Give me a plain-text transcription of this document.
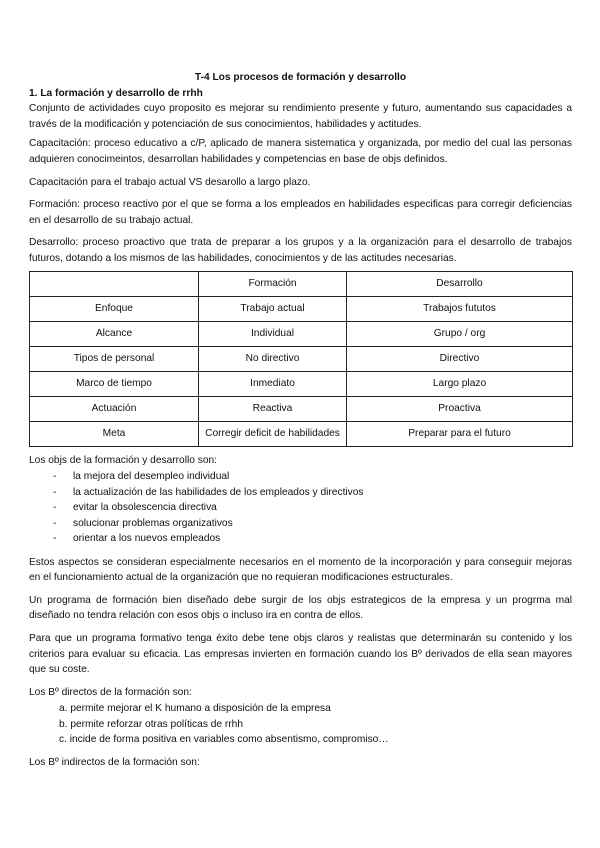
T-4 Los procesos de formación y desarrollo
1. La formación y desarrollo de rrhh

Conjunto de actividades cuyo proposito es mejorar su rendimiento presente y futuro, aumentando sus capacidades a través de la modificación y potenciación de sus conocimientos, habilidades y actitudes.

Capacitación: proceso educativo a c/P, aplicado de manera sistematica y organizada, por medio del cual las personas adquieren conocimeintos, desarrollan habilidades y competencias en base de objs definidos.

Capacitación para el trabajo actual VS desarollo a largo plazo.

Formación: proceso reactivo por el que se forma a los empleados en habilidades especificas para corregir deficiencias en el desarrollo de su trabajo actual.

Desarrollo: proceso proactivo que trata de preparar a los grupos y a la organización para el desarrollo de trabajos futuros, dotando a los mismos de las habilidades, conocimientos y de las actitudes necesarias.

	Formación	Desarrollo
Enfoque	Trabajo actual	Trabajos fututos
Alcance	Individual	Grupo / org
Tipos de personal	No directivo	Directivo
Marco de tiempo	Inmediato	Largo plazo
Actuación	Reactiva	Proactiva
Meta	Corregir deficit de habilidades	Preparar para el futuro
Los objs de la formación y desarrollo son:
- la mejora del desempleo individual
- la actualización de las habilidades de los empleados y directivos
- evitar la obsolescencia directiva
- solucionar problemas organizativos
- orientar a los nuevos empleados

Estos aspectos se consideran especialmente necesarios en el momento de la incorporación y para conseguir mejoras en el funcionamiento actual de la organización que no requieran modificaciones estructurales.

Un programa de formación bien diseñado debe surgir de los objs estrategicos de la empresa y un progrma mal diseñado no tendra relación con esos objs o incluso ira en contra de ellos.

Para que un programa formativo tenga éxito debe tene objs claros y realistas que determinarán su contenido y los criterios para evaluar su eficacia. Las empresas invierten en formación cuando los Bº derivados de ella sean mayores que su coste.

Los Bº directos de la formación son:
a. permite mejorar el K humano a disposición de la empresa
b. permite reforzar otras políticas de rrhh
c. incide de forma positiva en variables como absentismo, compromiso…
Los Bº indirectos de la formación son:
